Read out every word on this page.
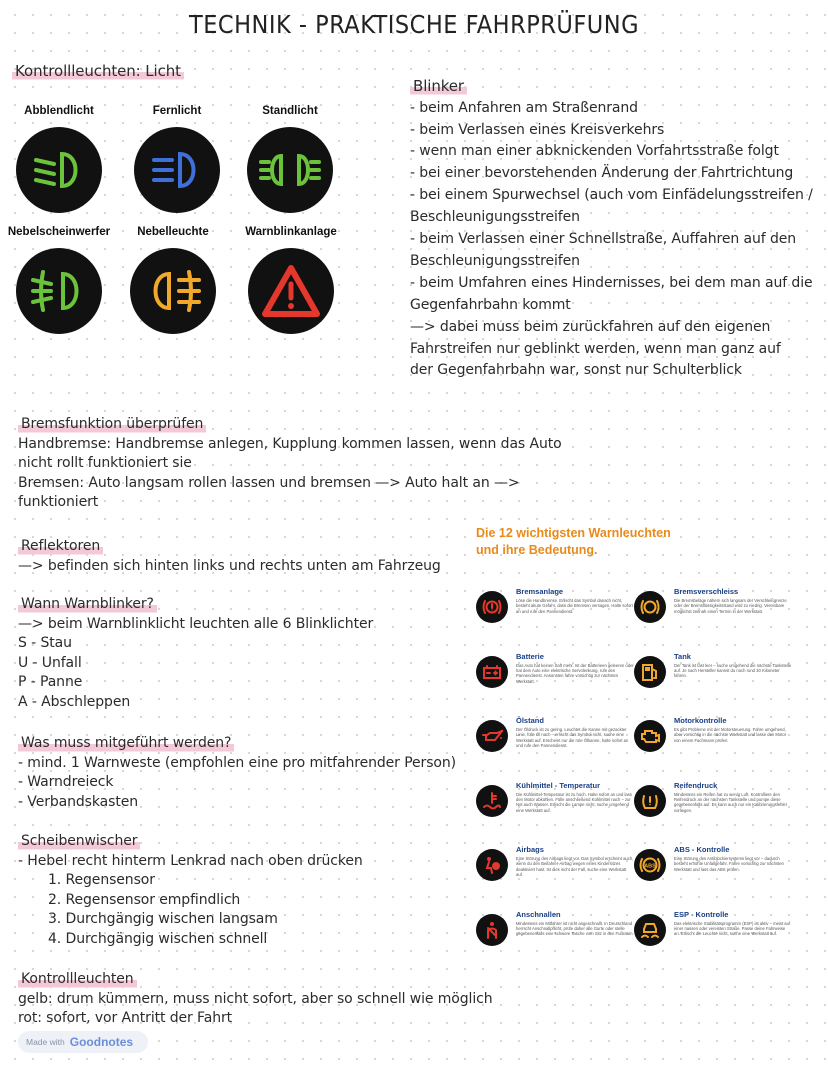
TECHNIK - PRAKTISCHE FAHRPRÜFUNG
Kontrollleuchten: Licht
Abblendlicht	Fernlicht	Standlicht
Nebelscheinwerfer	Nebelleuchte	Warnblinkanlage
Blinker
- beim Anfahren am Straßenrand
- beim Verlassen eines Kreisverkehrs
- wenn man einer abknickenden Vorfahrtsstraße folgt
- bei einer bevorstehenden Änderung der Fahrtrichtung
- bei einem Spurwechsel (auch vom Einfädelungsstreifen /
Beschleunigungsstreifen
- beim Verlassen einer Schnellstraße, Auffahren auf den
Beschleunigungsstreifen
- beim Umfahren eines Hindernisses, bei dem man auf die
Gegenfahrbahn kommt
—> dabei muss beim zurückfahren auf den eigenen
Fahrstreifen nur geblinkt werden, wenn man ganz auf
der Gegenfahrbahn war, sonst nur Schulterblick
Bremsfunktion überprüfen
Handbremse: Handbremse anlegen, Kupplung kommen lassen, wenn das Auto
nicht rollt funktioniert sie
Bremsen: Auto langsam rollen lassen und bremsen —> Auto halt an —>
funktioniert
Reflektoren
—> befinden sich hinten links und rechts unten am Fahrzeug
Wann Warnblinker?
—> beim Warnblinklicht leuchten alle 6 Blinklichter
S - Stau
U - Unfall
P - Panne
A - Abschleppen
Was muss mitgeführt werden?
- mind. 1 Warnweste (empfohlen eine pro mitfahrender Person)
- Warndreieck
- Verbandskasten
Scheibenwischer
- Hebel recht hinterm Lenkrad nach oben drücken
1. Regensensor
2. Regensensor empfindlich
3. Durchgängig wischen langsam
4. Durchgängig wischen schnell
Kontrollleuchten
gelb: drum kümmern, muss nicht sofort, aber so schnell wie möglich
rot: sofort, vor Antritt der Fahrt
Die 12 wichtigsten Warnleuchten
und ihre Bedeutung.
Bremsanlage
Löse die Handbremse. Erlischt das Symbol danach nicht, besteht akute Gefahr, dass die Bremsen versagen. Halte sofort an und rufe den Pannendienst.
Bremsverschleiss
Die Bremsbeläge nähern sich langsam der Verschleißgrenze oder der Bremsflüssigkeitsstand wird zu niedrig. Vereinbare möglichst zeitnah einen Termin in der Werkstatt.
Batterie
Das Auto hat keinen Saft mehr. Ist der Batterieen geleeren oder hat dein Auto eine elektrische Servolenkung, rufe den Pannendienst. Ansonsten fahre vorsichtig zur nächsten Werkstatt.
Tank
Der Tank ist fast leer – suche umgehend die nächste Tankstelle auf. Je nach Hersteller kannst du noch rund 30 Kilometer fahren.
Ölstand
Der Öldruck ist zu gering. Leuchtet die Kanne mit gezackter Linie, fülle Öl nach – erlischt das Symbol nicht, suche eine Werkstatt auf. Erscheint nur die rote Ölkanne, halte sofort an und rufe den Pannendienst.
Motorkontrolle
Es gibt Probleme mit der Motorsteuerung. Fahre umgehend, aber vorsichtig in die nächste Werkstatt und lasse den Motor von einem Fachmann prüfen.
Kühlmittel - Temperatur
Die Kühlmittel-Temperatur ist zu hoch. Halte sofort an und lass den Motor abkühlen. Fülle anschließend Kühlmittel nach – zur Not auch Wasser. Erlischt die Lampe nicht, suche umgehend eine Werkstatt auf.
Reifendruck
Mindestens ein Reifen hat zu wenig Luft. Kontrolliere den Reifendruck an der nächsten Tankstelle und pumpe diese gegebenenfalls auf. Es kann auch nur ein Kalibrierungsfehler vorliegen.
Airbags
Eine Störung des Airbags liegt vor. Das Symbol erscheint auch, wenn du den Beifahrer-Airbag wegen eines Kindersitzes deaktiviert hast. Ist dies nicht der Fall, suche eine Werkstatt auf.
ABS
ABS - Kontrolle
Eine Störung des Antiblockiersystems liegt vor – dadurch besteht erhöhte Unfallgefahr. Fahre vorsichtig zur nächsten Werkstatt und lass das ABS prüfen.
Anschnallen
Mindestens ein Mitfahrer ist nicht angeschnallt. In Deutschland herrscht Anschnallpflicht, prüfe daher alle Gurte oder stelle gegebenenfalls eine schwere Tasche vom Sitz in den Fußraum.
ESP - Kontrolle
Das elektrische Stabilitätsprogramm (ESP) ist aktiv – meist auf einer nassen oder vereisten Straße. Passe deine Fahrweise an. Erlischt die Leuchte nicht, suche eine Werkstatt auf.
Made with Goodnotes
